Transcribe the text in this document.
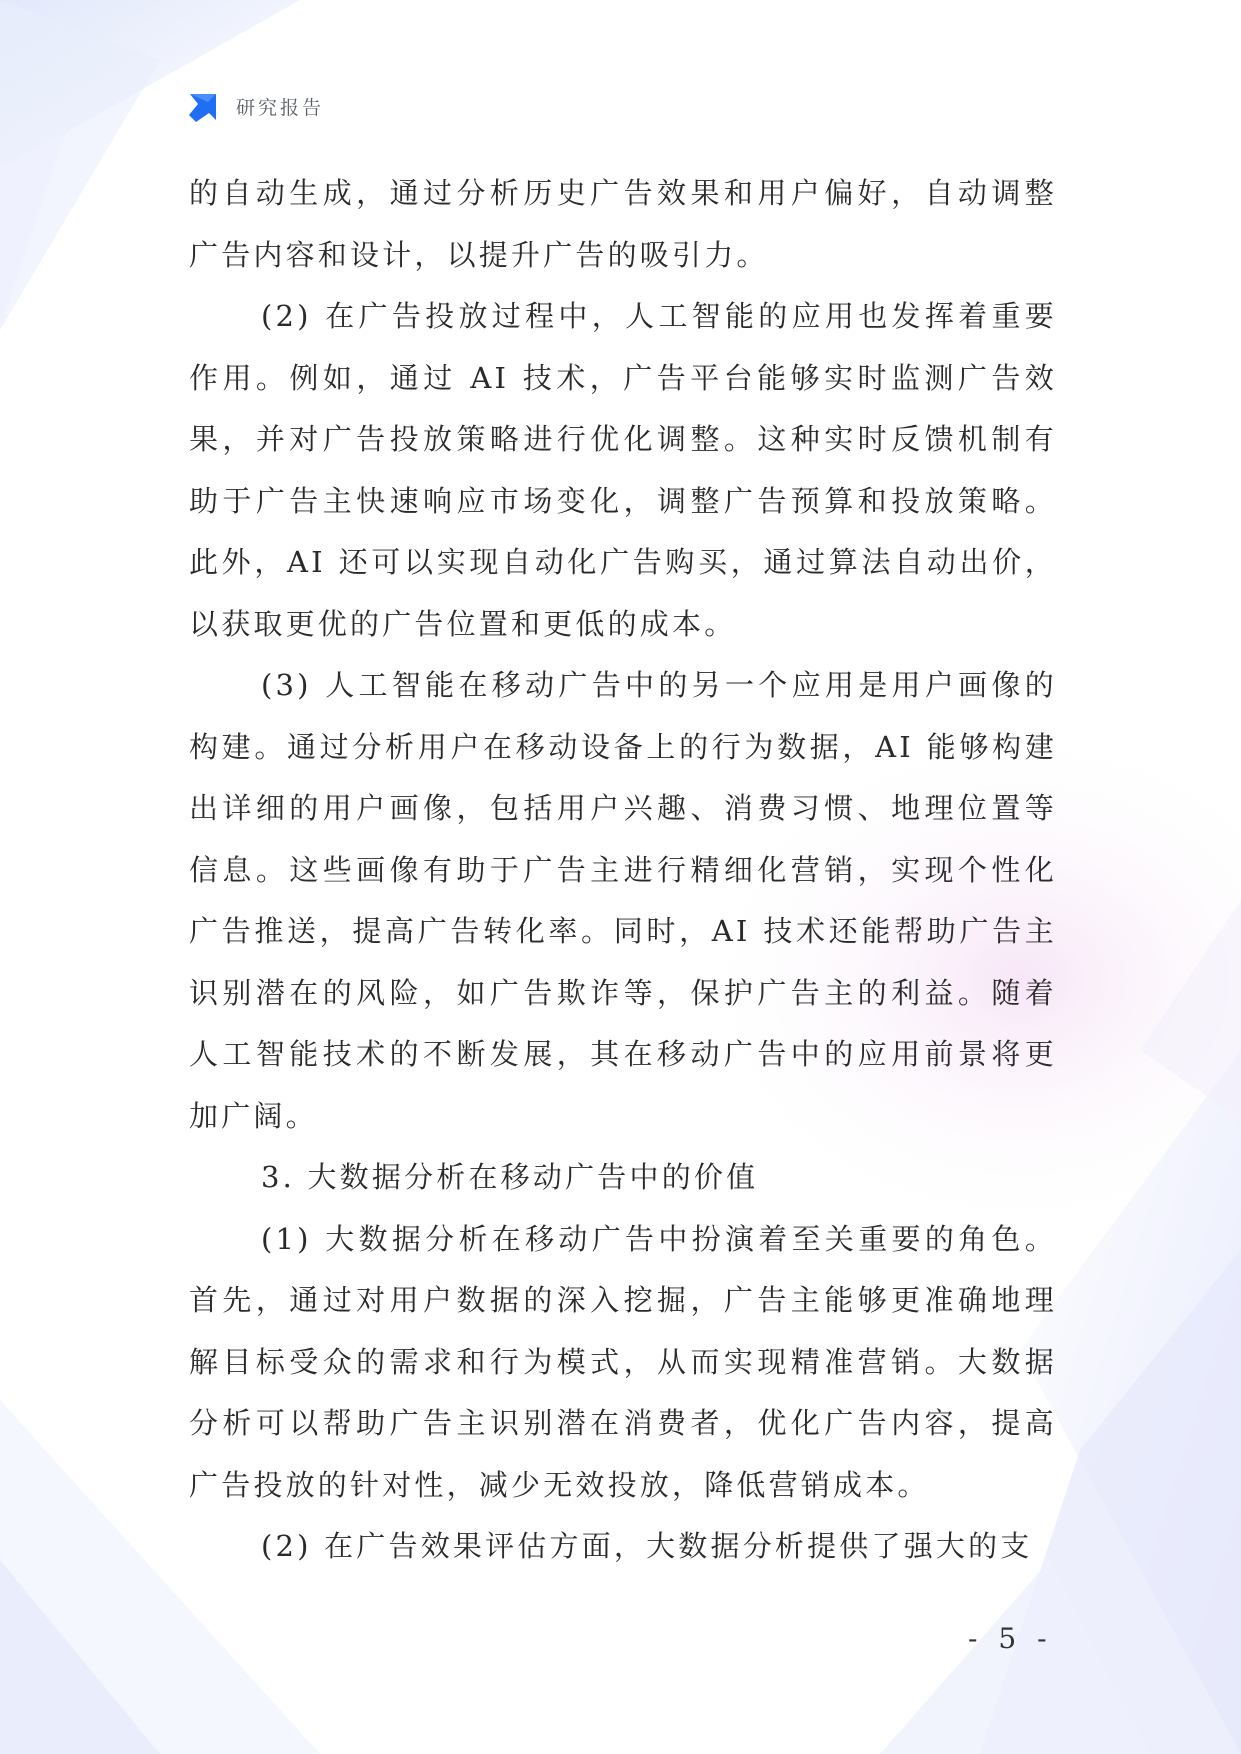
研究报告

的自动生成，通过分析历史广告效果和用户偏好，自动调整广告内容和设计，以提升广告的吸引力。

(2) 在广告投放过程中，人工智能的应用也发挥着重要作用。例如，通过 AI 技术，广告平台能够实时监测广告效果，并对广告投放策略进行优化调整。这种实时反馈机制有助于广告主快速响应市场变化，调整广告预算和投放策略。此外，AI 还可以实现自动化广告购买，通过算法自动出价，以获取更优的广告位置和更低的成本。

(3) 人工智能在移动广告中的另一个应用是用户画像的构建。通过分析用户在移动设备上的行为数据，AI 能够构建出详细的用户画像，包括用户兴趣、消费习惯、地理位置等信息。这些画像有助于广告主进行精细化营销，实现个性化广告推送，提高广告转化率。同时，AI 技术还能帮助广告主识别潜在的风险，如广告欺诈等，保护广告主的利益。随着人工智能技术的不断发展，其在移动广告中的应用前景将更加广阔。

3. 大数据分析在移动广告中的价值

(1) 大数据分析在移动广告中扮演着至关重要的角色。首先，通过对用户数据的深入挖掘，广告主能够更准确地理解目标受众的需求和行为模式，从而实现精准营销。大数据分析可以帮助广告主识别潜在消费者，优化广告内容，提高广告投放的针对性，减少无效投放，降低营销成本。

(2) 在广告效果评估方面，大数据分析提供了强大的支

- 5 -
